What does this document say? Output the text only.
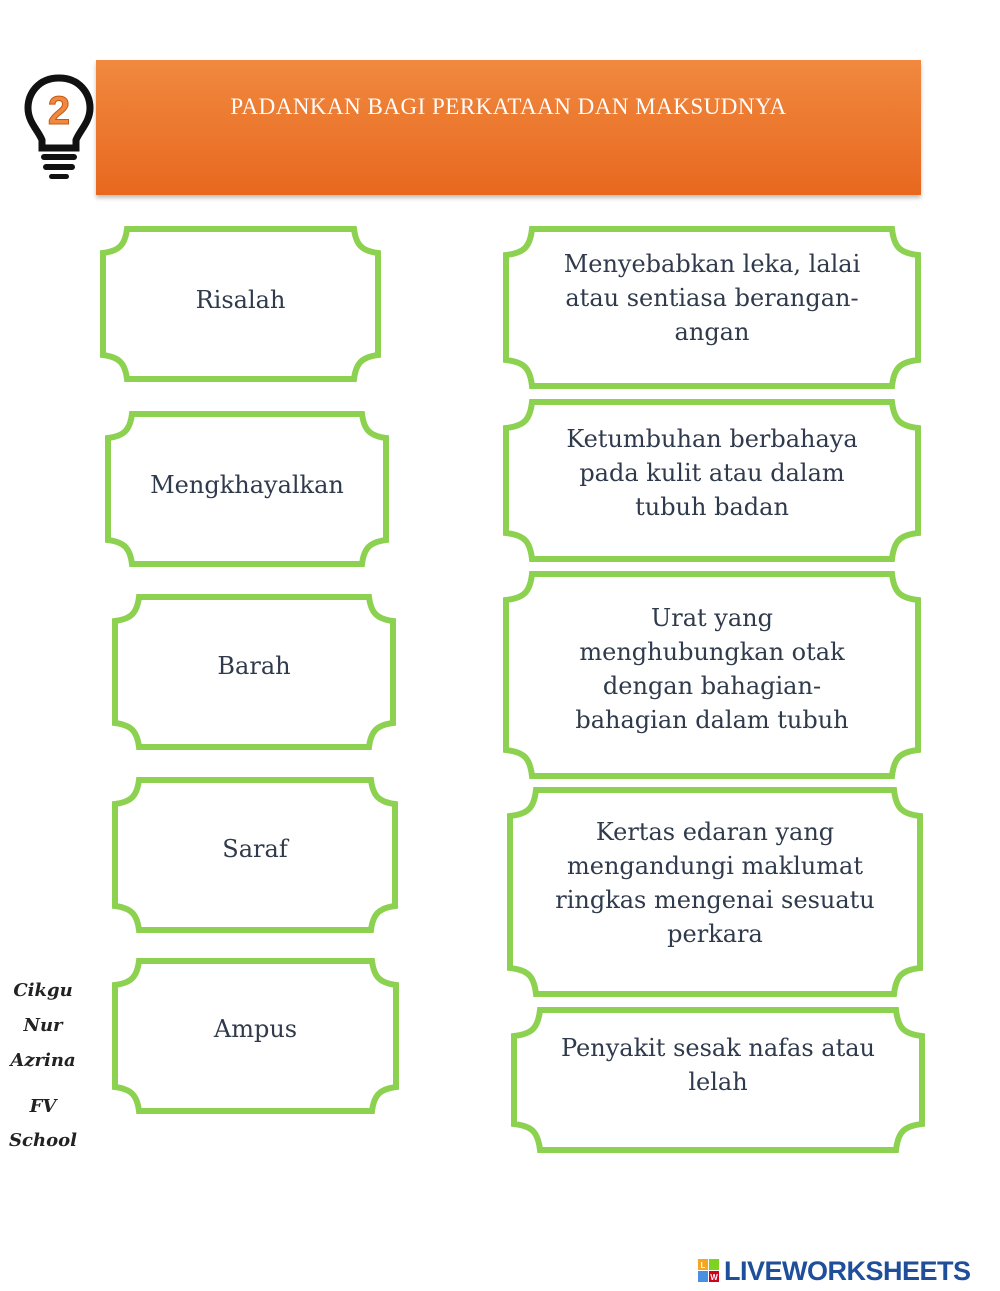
PADANKAN BAGI PERKATAAN DAN MAKSUDNYA
2
Risalah
Mengkhayalkan
Barah
Saraf
Ampus
Menyebabkan leka, lalai atau sentiasa berangan-angan
Ketumbuhan berbahaya pada kulit atau dalam tubuh badan
Urat yang menghubungkan otak dengan bahagian-bahagian dalam tubuh
Kertas edaran yang mengandungi maklumat ringkas mengenai sesuatu perkara
Penyakit sesak nafas atau lelah
Cikgu
Nur
Azrina
FV
School
L
W LIVEWORKSHEETS
